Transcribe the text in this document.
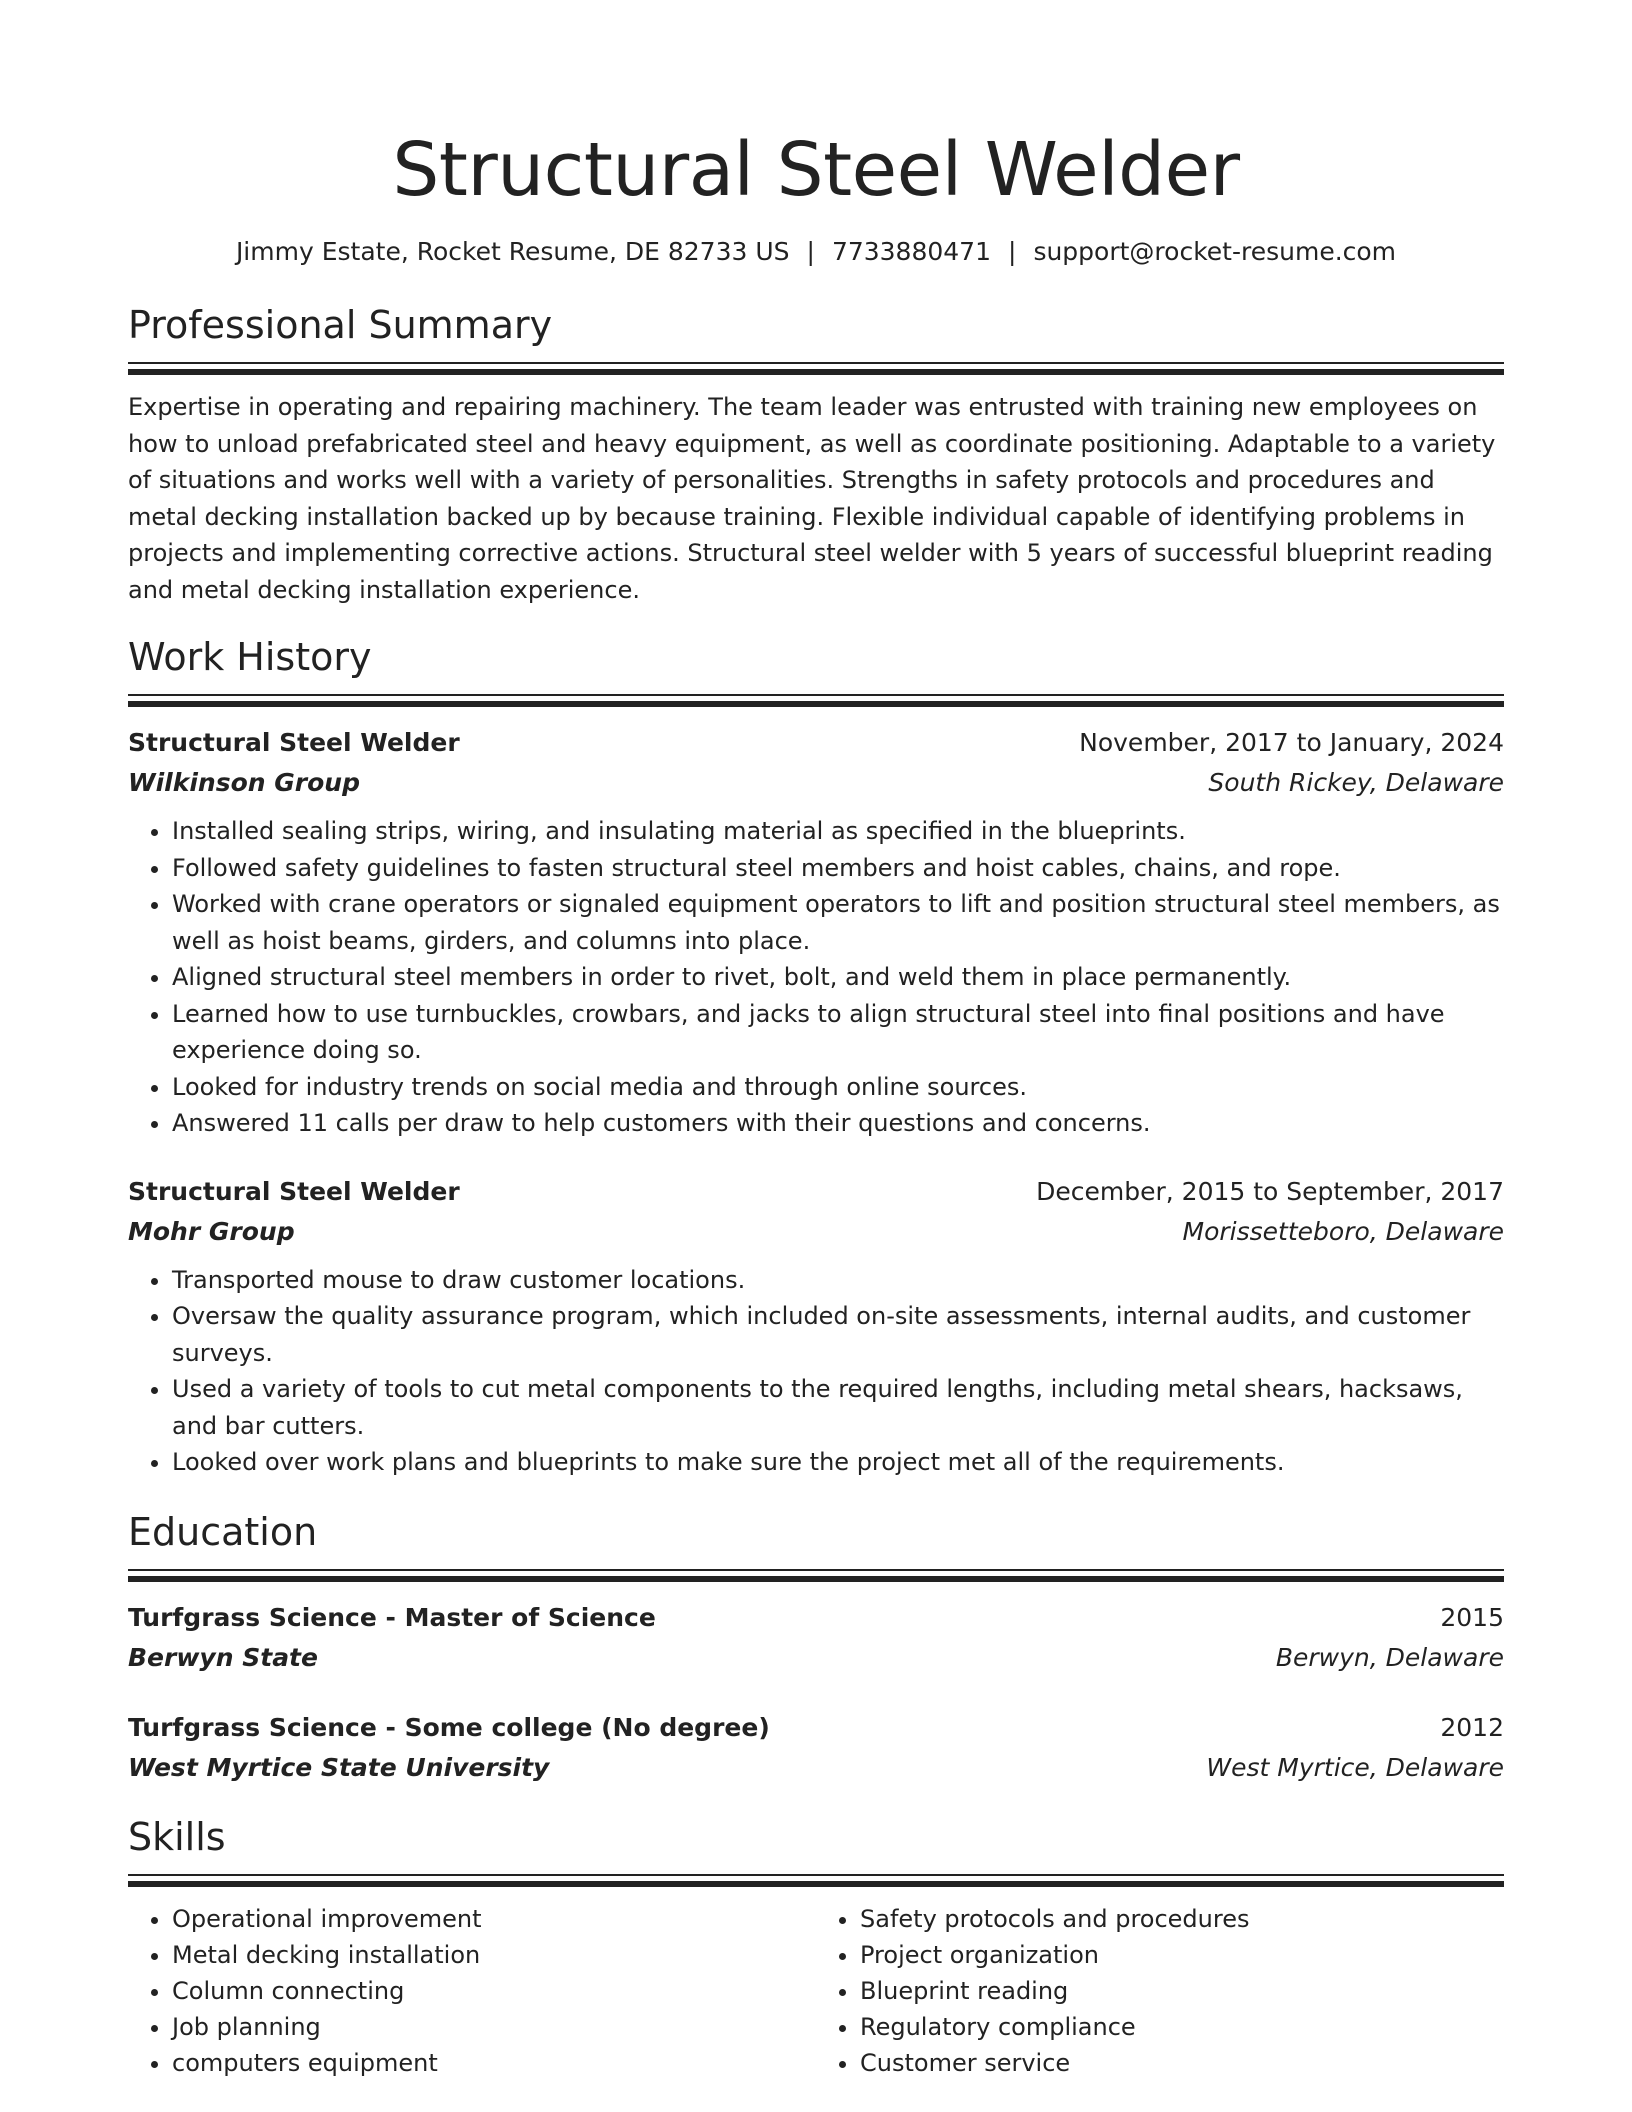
Structural Steel Welder
Jimmy Estate, Rocket Resume, DE 82733 US | 7733880471 | support@rocket-resume.com
Professional Summary
Expertise in operating and repairing machinery. The team leader was entrusted with training new employees on how to unload prefabricated steel and heavy equipment, as well as coordinate positioning. Adaptable to a variety of situations and works well with a variety of personalities. Strengths in safety protocols and procedures and metal decking installation backed up by because training. Flexible individual capable of identifying problems in projects and implementing corrective actions. Structural steel welder with 5 years of successful blueprint reading and metal decking installation experience.
Work History
Structural Steel Welder	November, 2017 to January, 2024
Wilkinson Group	South Rickey, Delaware
• Installed sealing strips, wiring, and insulating material as specified in the blueprints.
• Followed safety guidelines to fasten structural steel members and hoist cables, chains, and rope.
• Worked with crane operators or signaled equipment operators to lift and position structural steel members, as well as hoist beams, girders, and columns into place.
• Aligned structural steel members in order to rivet, bolt, and weld them in place permanently.
• Learned how to use turnbuckles, crowbars, and jacks to align structural steel into final positions and have experience doing so.
• Looked for industry trends on social media and through online sources.
• Answered 11 calls per draw to help customers with their questions and concerns.
Structural Steel Welder	December, 2015 to September, 2017
Mohr Group	Morissetteboro, Delaware
• Transported mouse to draw customer locations.
• Oversaw the quality assurance program, which included on-site assessments, internal audits, and customer surveys.
• Used a variety of tools to cut metal components to the required lengths, including metal shears, hacksaws, and bar cutters.
• Looked over work plans and blueprints to make sure the project met all of the requirements.
Education
Turfgrass Science - Master of Science	2015
Berwyn State	Berwyn, Delaware
Turfgrass Science - Some college (No degree)	2012
West Myrtice State University	West Myrtice, Delaware
Skills
• Operational improvement
• Metal decking installation
• Column connecting
• Job planning
• computers equipment
• Safety protocols and procedures
• Project organization
• Blueprint reading
• Regulatory compliance
• Customer service
